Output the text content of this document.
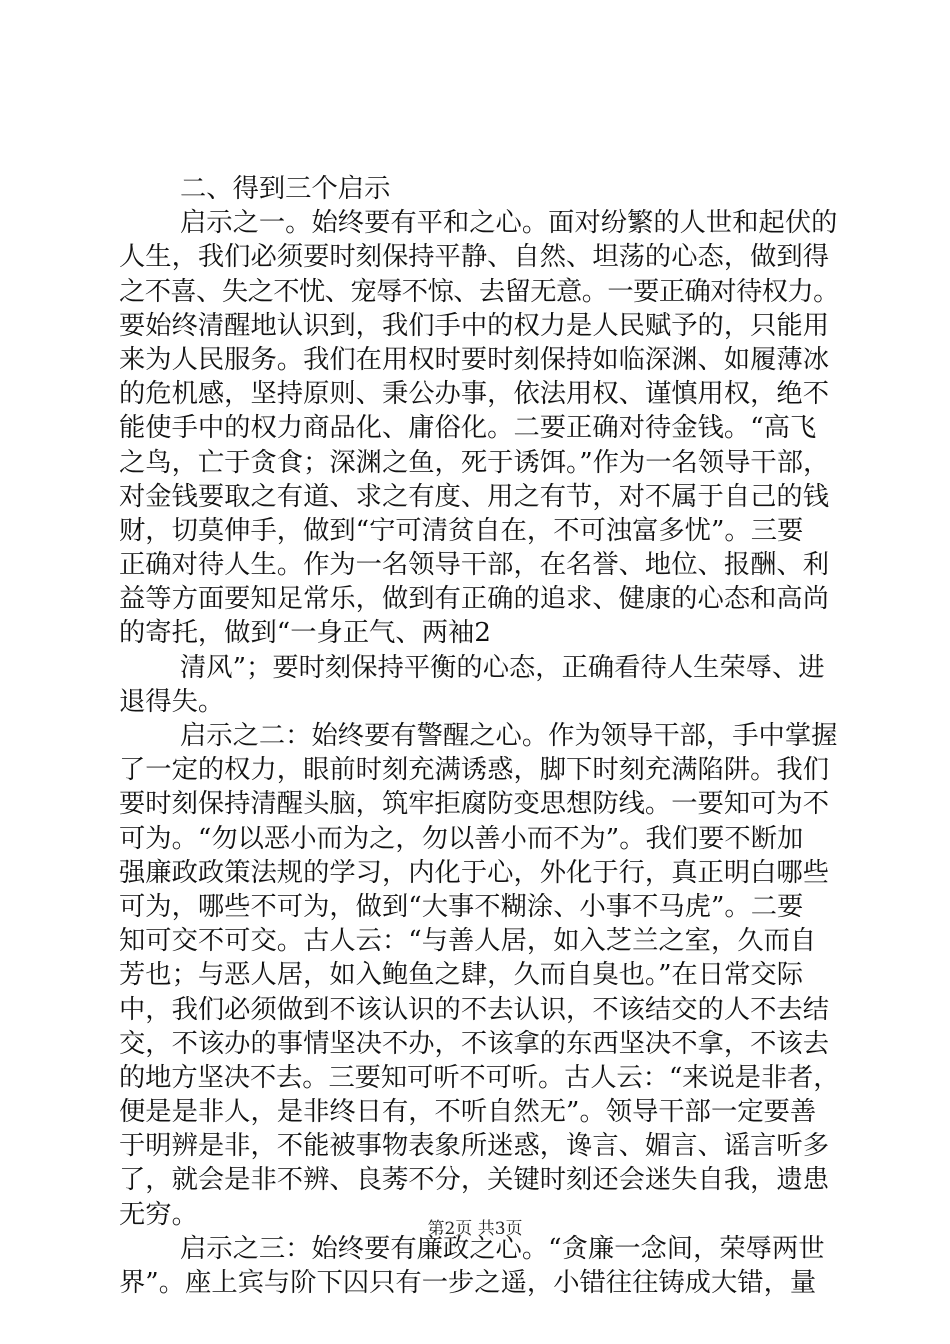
二、得到三个启示
启示之一。始终要有平和之心。面对纷繁的人世和起伏的
人生，我们必须要时刻保持平静、自然、坦荡的心态，做到得
之不喜、失之不忧、宠辱不惊、去留无意。一要正确对待权力。
要始终清醒地认识到，我们手中的权力是人民赋予的，只能用
来为人民服务。我们在用权时要时刻保持如临深渊、如履薄冰
的危机感，坚持原则、秉公办事，依法用权、谨慎用权，绝不
能使手中的权力商品化、庸俗化。二要正确对待金钱。“高飞
之鸟，亡于贪食；深渊之鱼，死于诱饵。”作为一名领导干部，
对金钱要取之有道、求之有度、用之有节，对不属于自己的钱
财，切莫伸手，做到“宁可清贫自在，不可浊富多忧”。三要
正确对待人生。作为一名领导干部，在名誉、地位、报酬、利
益等方面要知足常乐，做到有正确的追求、健康的心态和高尚
的寄托，做到“一身正气、两袖2
清风”；要时刻保持平衡的心态，正确看待人生荣辱、进
退得失。
启示之二：始终要有警醒之心。作为领导干部，手中掌握
了一定的权力，眼前时刻充满诱惑，脚下时刻充满陷阱。我们
要时刻保持清醒头脑，筑牢拒腐防变思想防线。一要知可为不
可为。“勿以恶小而为之，勿以善小而不为”。我们要不断加
强廉政政策法规的学习，内化于心，外化于行，真正明白哪些
可为，哪些不可为，做到“大事不糊涂、小事不马虎”。二要
知可交不可交。古人云：“与善人居，如入芝兰之室，久而自
芳也；与恶人居，如入鲍鱼之肆，久而自臭也。”在日常交际
中，我们必须做到不该认识的不去认识，不该结交的人不去结
交，不该办的事情坚决不办，不该拿的东西坚决不拿，不该去
的地方坚决不去。三要知可听不可听。古人云：“来说是非者，
便是是非人，是非终日有，不听自然无”。领导干部一定要善
于明辨是非，不能被事物表象所迷惑，谗言、媚言、谣言听多
了，就会是非不辨、良莠不分，关键时刻还会迷失自我，遗患
无穷。
启示之三：始终要有廉政之心。“贪廉一念间，荣辱两世
界”。座上宾与阶下囚只有一步之遥，小错往往铸成大错，量
第2页 共3页
